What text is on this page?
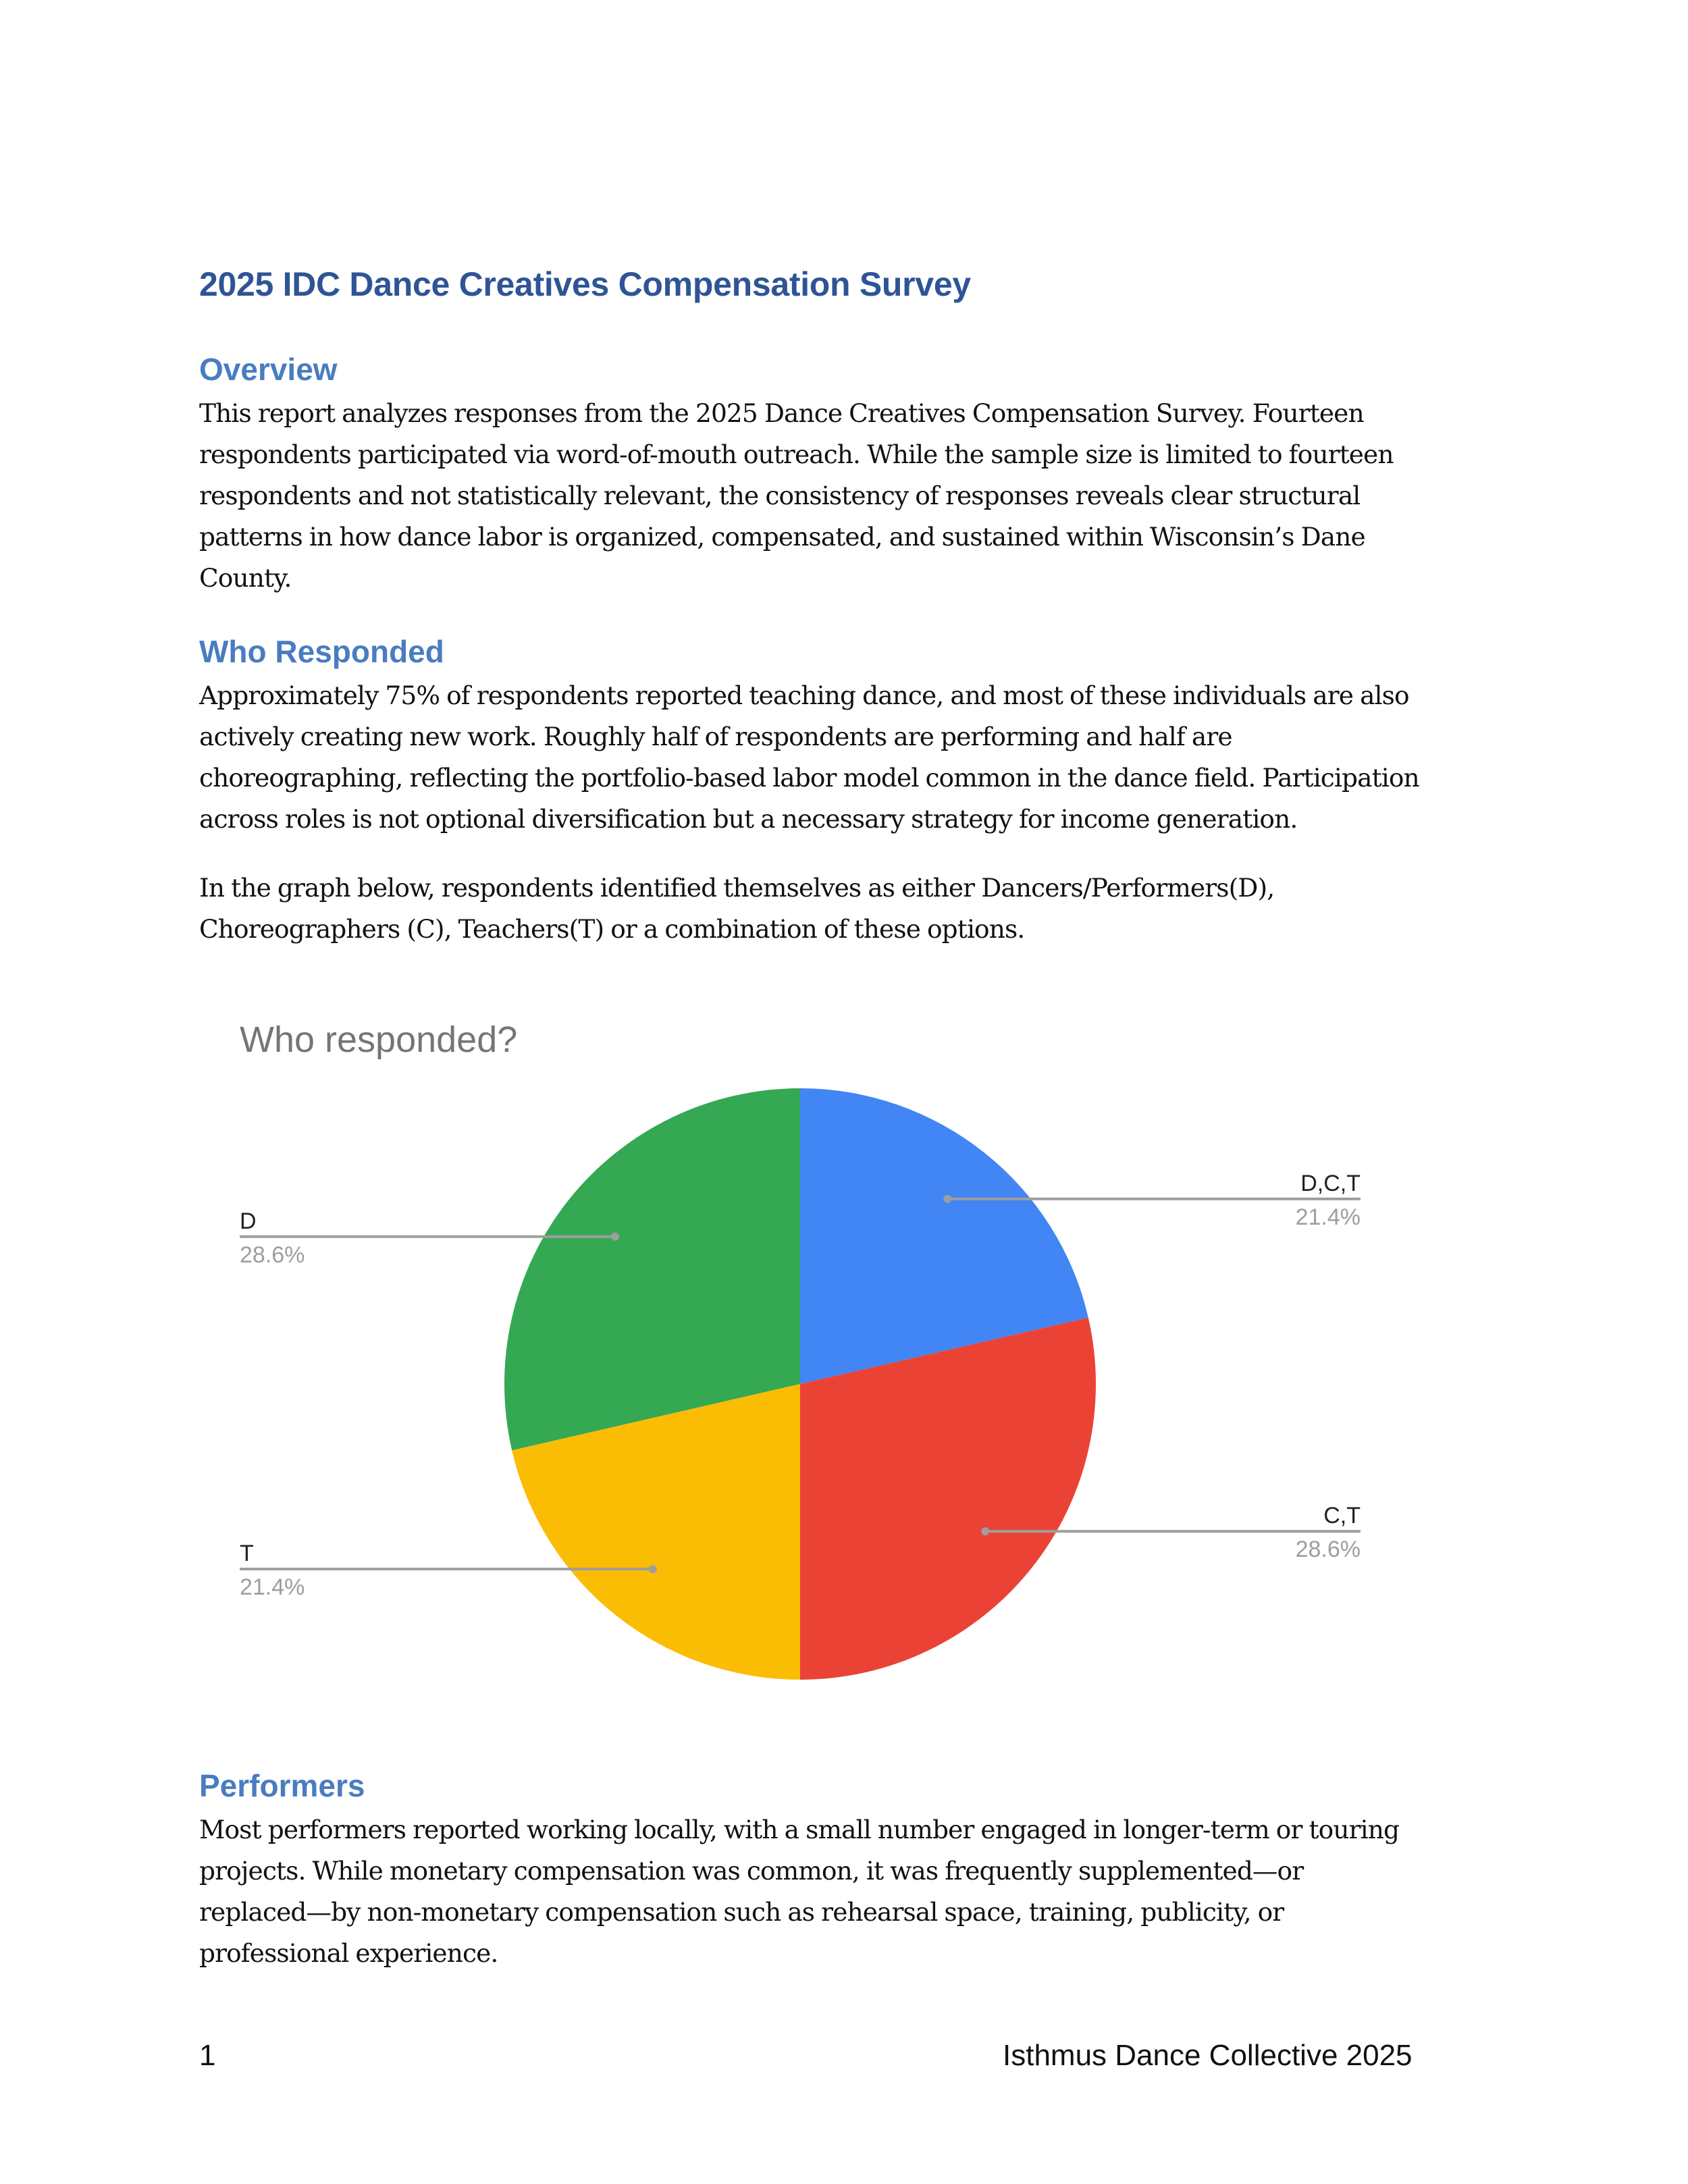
2025 IDC Dance Creatives Compensation Survey
Overview

This report analyzes responses from the 2025 Dance Creatives Compensation Survey. Fourteen
respondents participated via word-of-mouth outreach. While the sample size is limited to fourteen
respondents and not statistically relevant, the consistency of responses reveals clear structural
patterns in how dance labor is organized, compensated, and sustained within Wisconsin’s Dane
County.

Who Responded

Approximately 75% of respondents reported teaching dance, and most of these individuals are also
actively creating new work. Roughly half of respondents are performing and half are
choreographing, reflecting the portfolio-based labor model common in the dance field. Participation
across roles is not optional diversification but a necessary strategy for income generation.

In the graph below, respondents identified themselves as either Dancers/Performers(D),
Choreographers (C), Teachers(T) or a combination of these options.

Who responded?
D,C,T
21.4%
C,T
28.6%
T
21.4%
D
28.6%
Performers

Most performers reported working locally, with a small number engaged in longer-term or touring
projects. While monetary compensation was common, it was frequently supplemented—or
replaced—by non-monetary compensation such as rehearsal space, training, publicity, or
professional experience.

1	Isthmus Dance Collective 2025
